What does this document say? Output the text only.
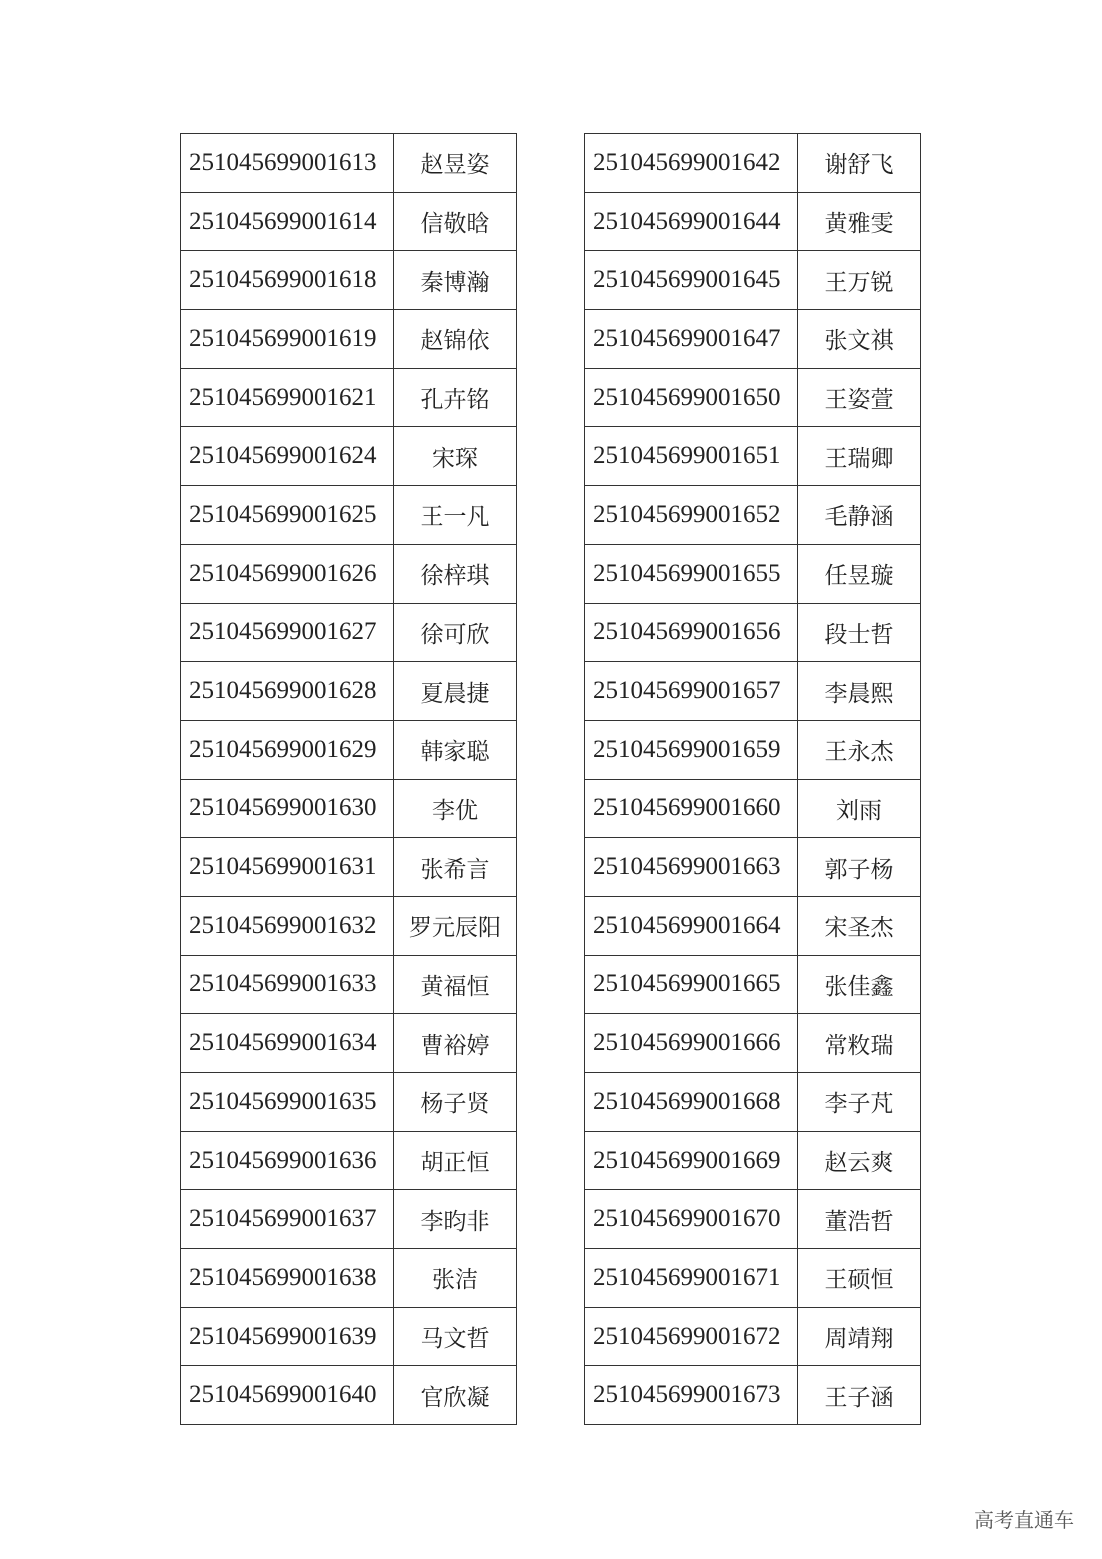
251045699001613	赵昱姿
251045699001614	信敬晗
251045699001618	秦博瀚
251045699001619	赵锦依
251045699001621	孔卉铭
251045699001624	宋琛
251045699001625	王一凡
251045699001626	徐梓琪
251045699001627	徐可欣
251045699001628	夏晨捷
251045699001629	韩家聪
251045699001630	李优
251045699001631	张希言
251045699001632	罗元辰阳
251045699001633	黄福恒
251045699001634	曹裕婷
251045699001635	杨子贤
251045699001636	胡正恒
251045699001637	李昀非
251045699001638	张洁
251045699001639	马文哲
251045699001640	官欣凝
251045699001642	谢舒飞
251045699001644	黄雅雯
251045699001645	王万锐
251045699001647	张文祺
251045699001650	王姿萱
251045699001651	王瑞卿
251045699001652	毛静涵
251045699001655	任昱璇
251045699001656	段士哲
251045699001657	李晨熙
251045699001659	王永杰
251045699001660	刘雨
251045699001663	郭子杨
251045699001664	宋圣杰
251045699001665	张佳鑫
251045699001666	常敉瑞
251045699001668	李子芃
251045699001669	赵云爽
251045699001670	董浩哲
251045699001671	王硕恒
251045699001672	周靖翔
251045699001673	王子涵
高考直通车
